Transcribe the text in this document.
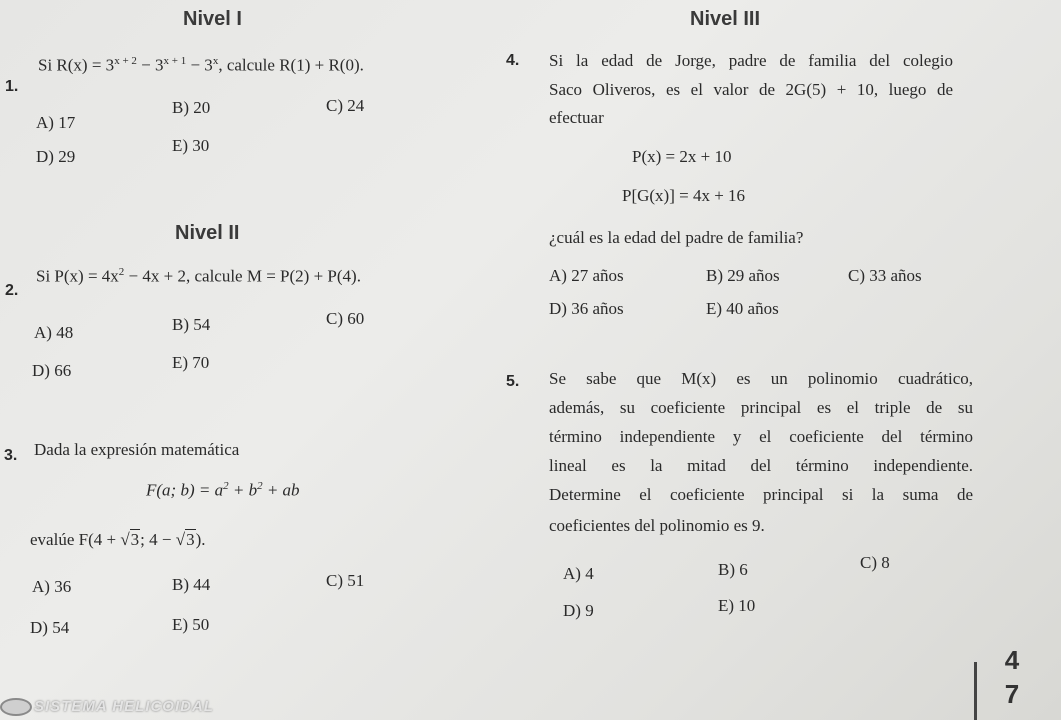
Nivel I
Nivel II
Nivel III
1.
Si $R(x) = 3^{x + 2} - 3^{x + 1} - 3^x$, calcule R(1) + R(0).
A) 17
B) 20	C) 24
D) 29
E) 30
2.
Si $P(x) = 4x^2 - 4x + 2$, calcule M = P(2) + P(4).
A) 48	B) 54	C) 60
D) 66	E) 70
3. Dada la expresión matemática
F(a; $b) = a^2 + b^2$ + ab
evalúe F(4 + √3; 4 − √3).
A) 36	B) 44	C) 51
D) 54	E) 50
4. Si la edad de Jorge, padre de familia del colegio
Saco Oliveros, es el valor de 2G(5) + 10, luego de
efectuar
P(x) = 2x + 10
P[G(x)] = 4x + 16
¿cuál es la edad del padre de familia?
A) 27 años	B) 29 años	C) 33 años
D) 36 años	E) 40 años
5. Se sabe que M(x) es un polinomio cuadrático,
además, su coeficiente principal es el triple de su
término independiente y el coeficiente del término
lineal es la mitad del término independiente.
Determine el coeficiente principal si la suma de
coeficientes del polinomio es 9.
A) 4	B) 6	C) 8
D) 9	E) 10
SISTEMA HELICOIDAL
4
7
